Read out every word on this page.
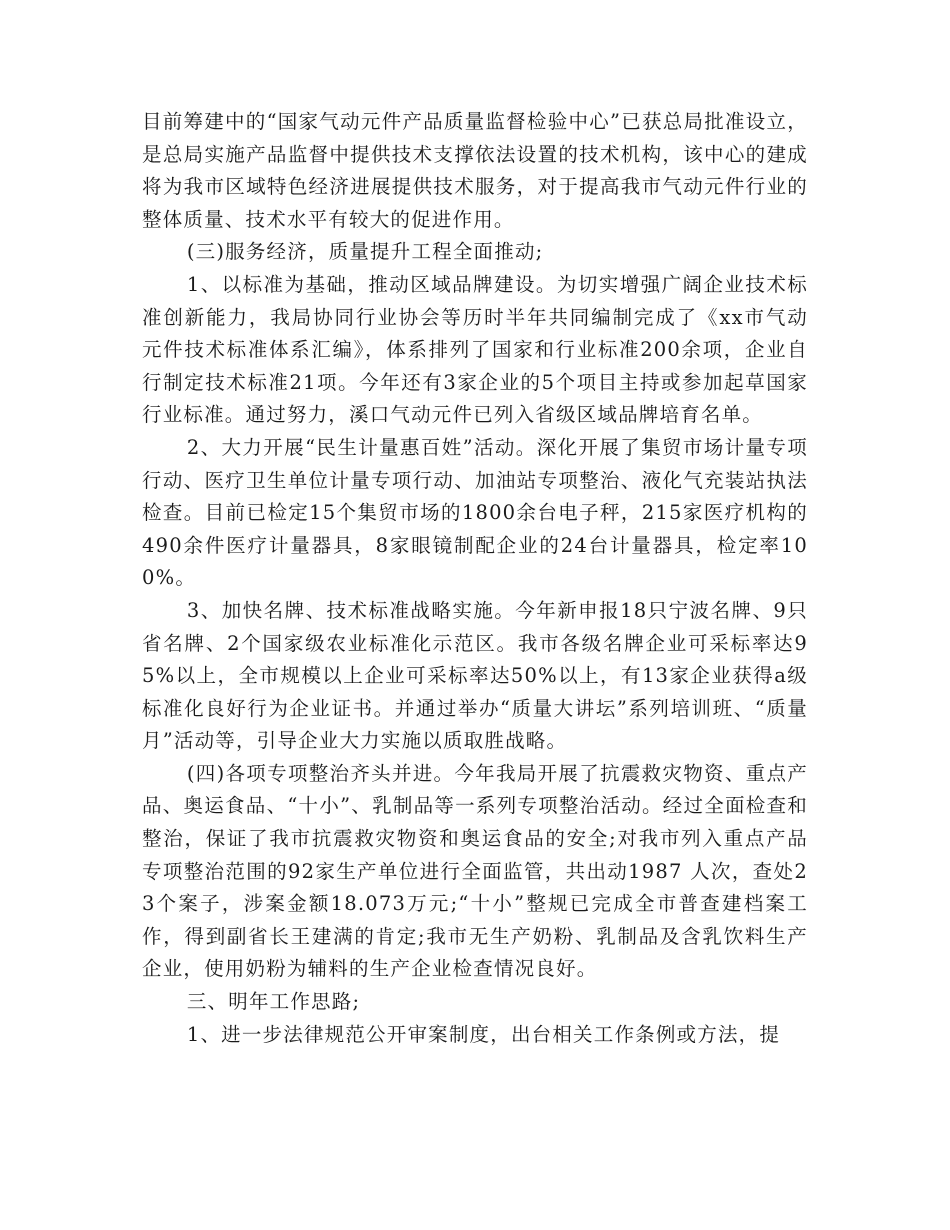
目前筹建中的“国家气动元件产品质量监督检验中心”已获总局批准设立，是总局实施产品监督中提供技术支撑依法设置的技术机构，该中心的建成将为我市区域特色经济进展提供技术服务，对于提高我市气动元件行业的整体质量、技术水平有较大的促进作用。

(三)服务经济，质量提升工程全面推动;

1、以标准为基础，推动区域品牌建设。为切实增强广阔企业技术标准创新能力，我局协同行业协会等历时半年共同编制完成了《xx市气动元件技术标准体系汇编》，体系排列了国家和行业标准200余项，企业自行制定技术标准21项。今年还有3家企业的5个项目主持或参加起草国家行业标准。通过努力，溪口气动元件已列入省级区域品牌培育名单。

2、大力开展“民生计量惠百姓”活动。深化开展了集贸市场计量专项行动、医疗卫生单位计量专项行动、加油站专项整治、液化气充装站执法检查。目前已检定15个集贸市场的1800余台电子秤，215家医疗机构的490余件医疗计量器具，8家眼镜制配企业的24台计量器具，检定率100%。

3、加快名牌、技术标准战略实施。今年新申报18只宁波名牌、9只省名牌、2个国家级农业标准化示范区。我市各级名牌企业可采标率达95%以上，全市规模以上企业可采标率达50%以上，有13家企业获得a级标准化良好行为企业证书。并通过举办“质量大讲坛”系列培训班、“质量月”活动等，引导企业大力实施以质取胜战略。

(四)各项专项整治齐头并进。今年我局开展了抗震救灾物资、重点产品、奥运食品、“十小”、乳制品等一系列专项整治活动。经过全面检查和整治，保证了我市抗震救灾物资和奥运食品的安全;对我市列入重点产品专项整治范围的92家生产单位进行全面监管，共出动1987 人次，查处23个案子，涉案金额18.073万元;“十小”整规已完成全市普查建档案工作，得到副省长王建满的肯定;我市无生产奶粉、乳制品及含乳饮料生产企业，使用奶粉为辅料的生产企业检查情况良好。

三、明年工作思路;

1、进一步法律规范公开审案制度，出台相关工作条例或方法，提
